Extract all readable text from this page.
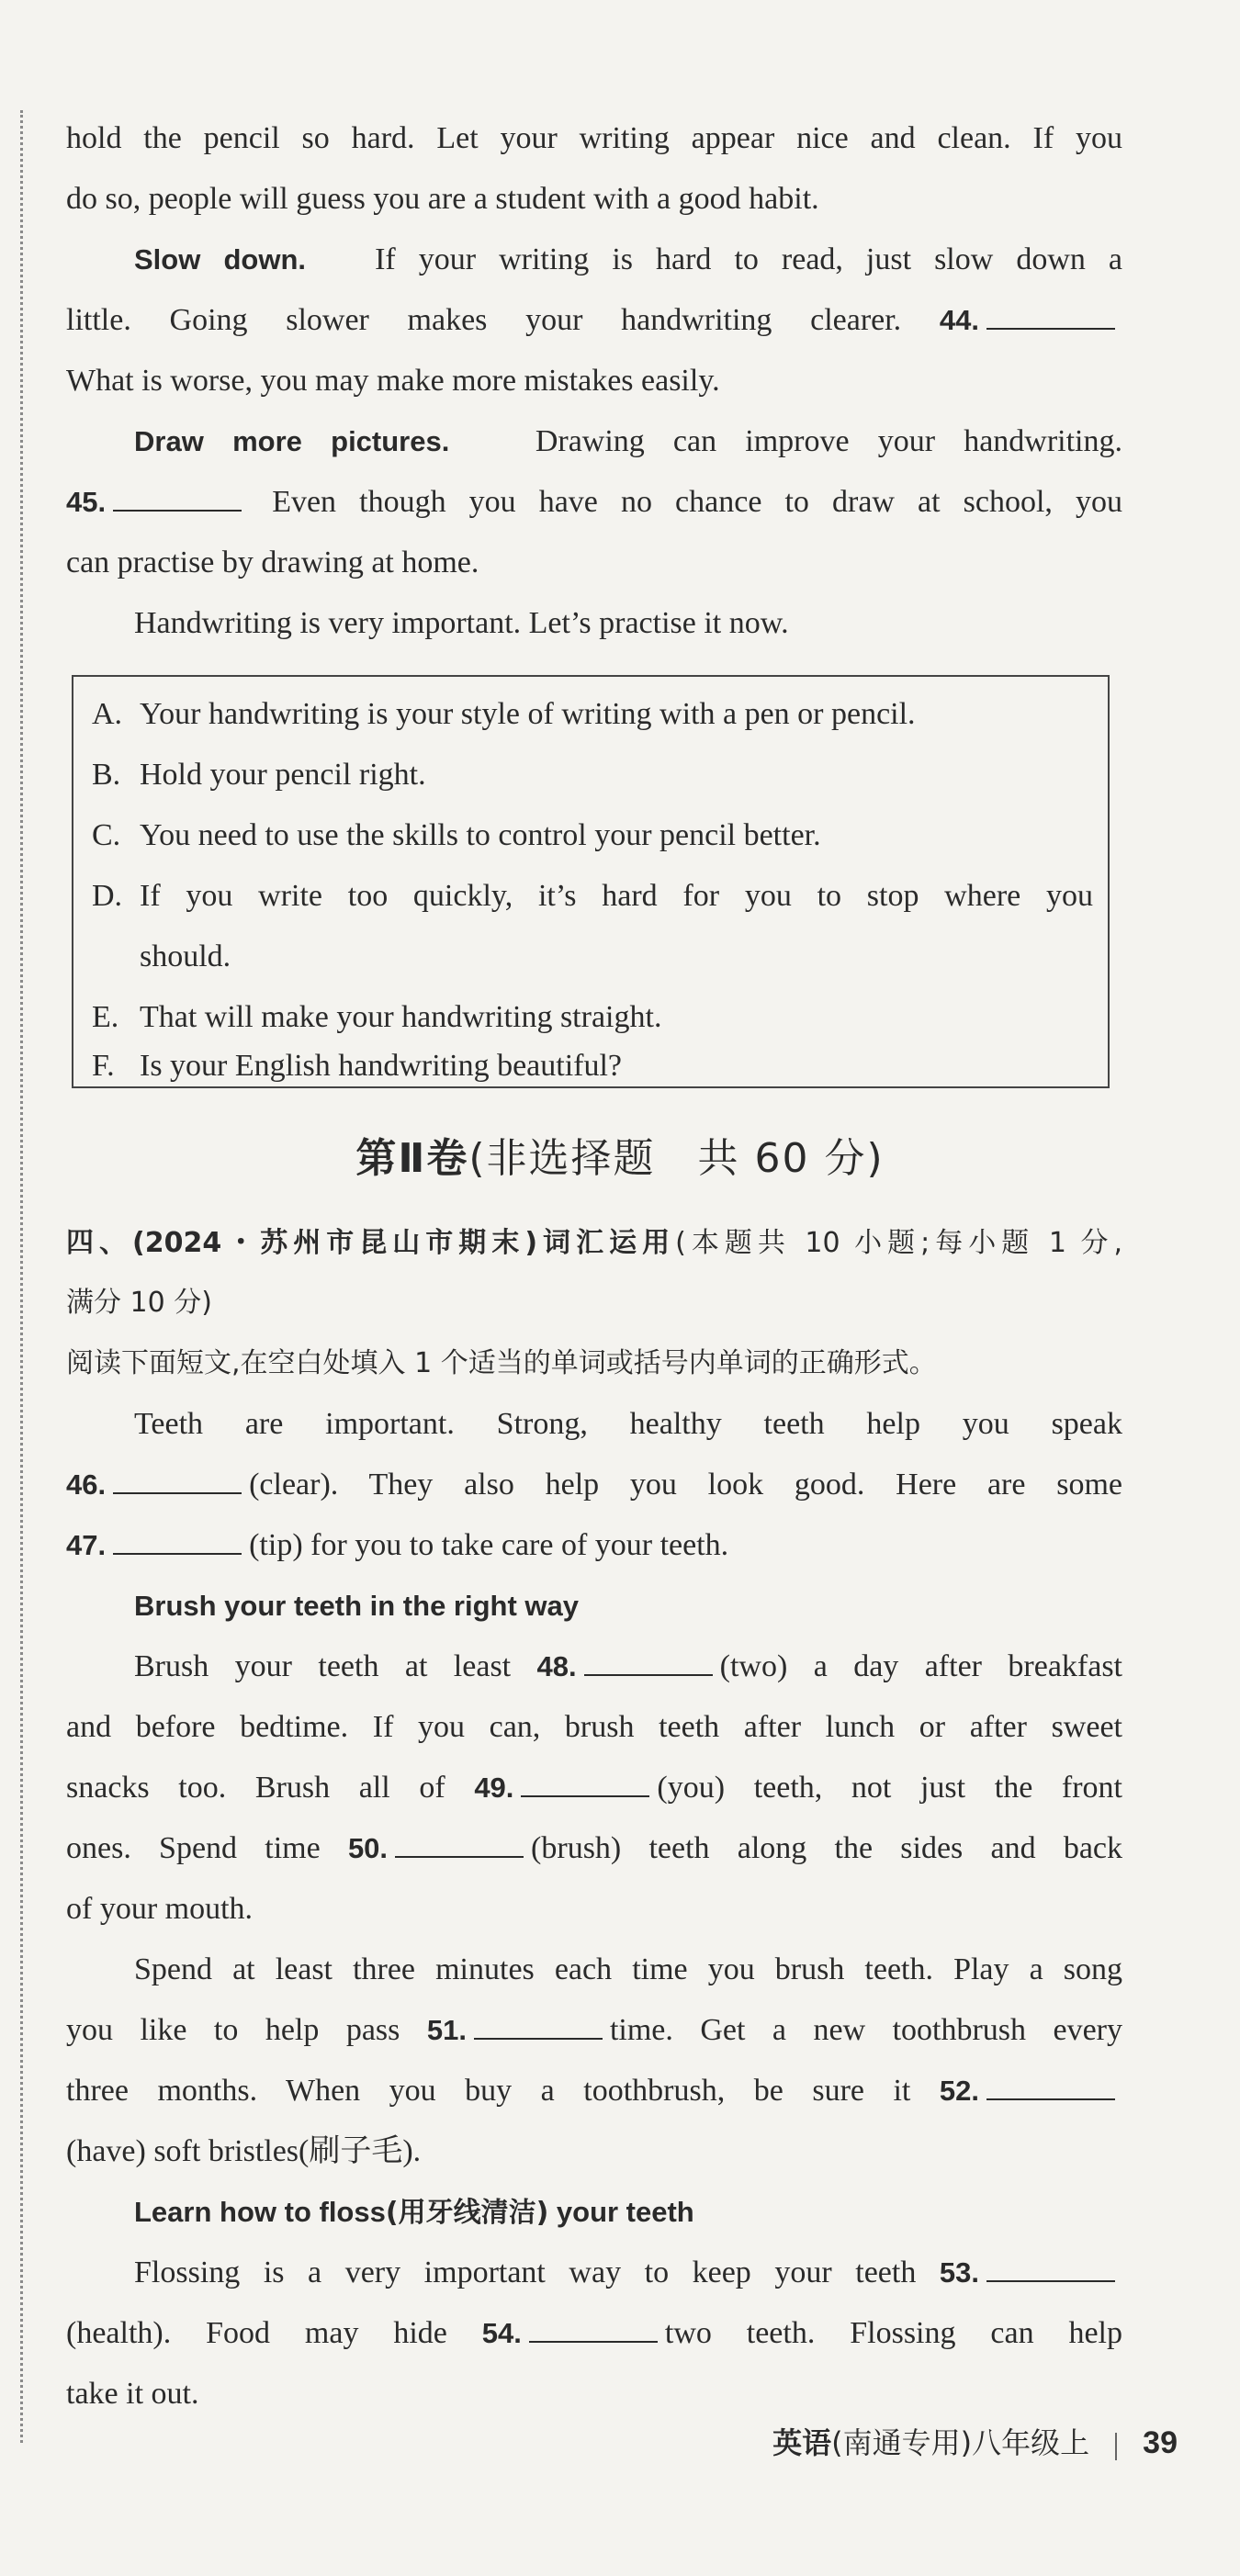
hold the pencil so hard. Let your writing appear nice and clean. If you
do so, people will guess you are a student with a good habit.
Slow down. If your writing is hard to read, just slow down a
little. Going slower makes your handwriting clearer. 44.
What is worse, you may make more mistakes easily.
Draw more pictures.	Drawing can improve your handwriting.
45.	Even though you have no chance to draw at school, you
can practise by drawing at home.
Handwriting is very important. Let’s practise it now.
A. Your handwriting is your style of writing with a pen or pencil.
B. Hold your pencil right.
C. You need to use the skills to control your pencil better.
D. If you write too quickly, it’s hard for you to stop where you
should.
E. That will make your handwriting straight.
F. Is your English handwriting beautiful?
第Ⅱ卷(非选择题　共 60 分)
四、(2024・苏州市昆山市期末)词汇运用(本题共 10 小题;每小题 1 分,
满分 10 分)
阅读下面短文,在空白处填入 1 个适当的单词或括号内单词的正确形式。
Teeth are important. Strong, healthy teeth help you speak
46.	(clear). They also help you look good. Here are some
47.	(tip) for you to take care of your teeth.
Brush your teeth in the right way
Brush your teeth at least 48.	(two) a day after breakfast
and before bedtime. If you can, brush teeth after lunch or after sweet
snacks too. Brush all of 49.	(you) teeth, not just the front
ones. Spend time 50.	(brush) teeth along the sides and back
of your mouth.
Spend at least three minutes each time you brush teeth. Play a song
you like to help pass 51.	time. Get a new toothbrush every
three months. When you buy a toothbrush, be sure it 52.
(have) soft bristles(刷子毛).
Learn how to floss(用牙线清洁) your teeth
Flossing is a very important way to keep your teeth 53.
(health). Food may hide 54.	two teeth. Flossing can help
take it out.
英语(南通专用)八年级上 39
